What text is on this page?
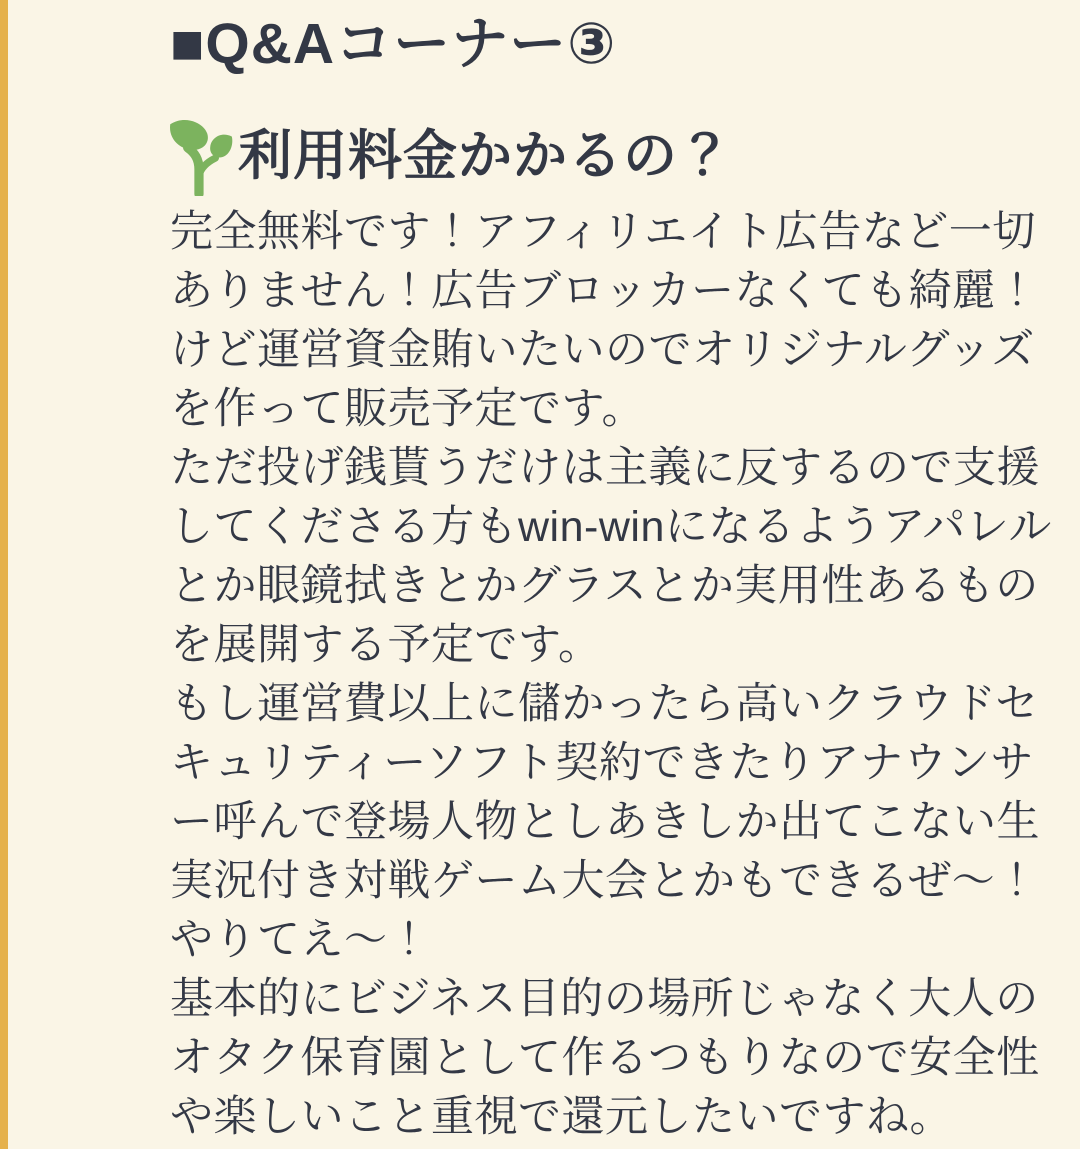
■Q&Aコーナー③
利用料金かかるの？
完全無料です！アフィリエイト広告など一切
ありません！広告ブロッカーなくても綺麗！
けど運営資金賄いたいのでオリジナルグッズ
を作って販売予定です。
ただ投げ銭貰うだけは主義に反するので支援
してくださる方もwin-winになるようアパレル
とか眼鏡拭きとかグラスとか実用性あるもの
を展開する予定です。
もし運営費以上に儲かったら高いクラウドセ
キュリティーソフト契約できたりアナウンサ
ー呼んで登場人物としあきしか出てこない生
実況付き対戦ゲーム大会とかもできるぜ〜！
やりてえ〜！
基本的にビジネス目的の場所じゃなく大人の
オタク保育園として作るつもりなので安全性
や楽しいこと重視で還元したいですね。
